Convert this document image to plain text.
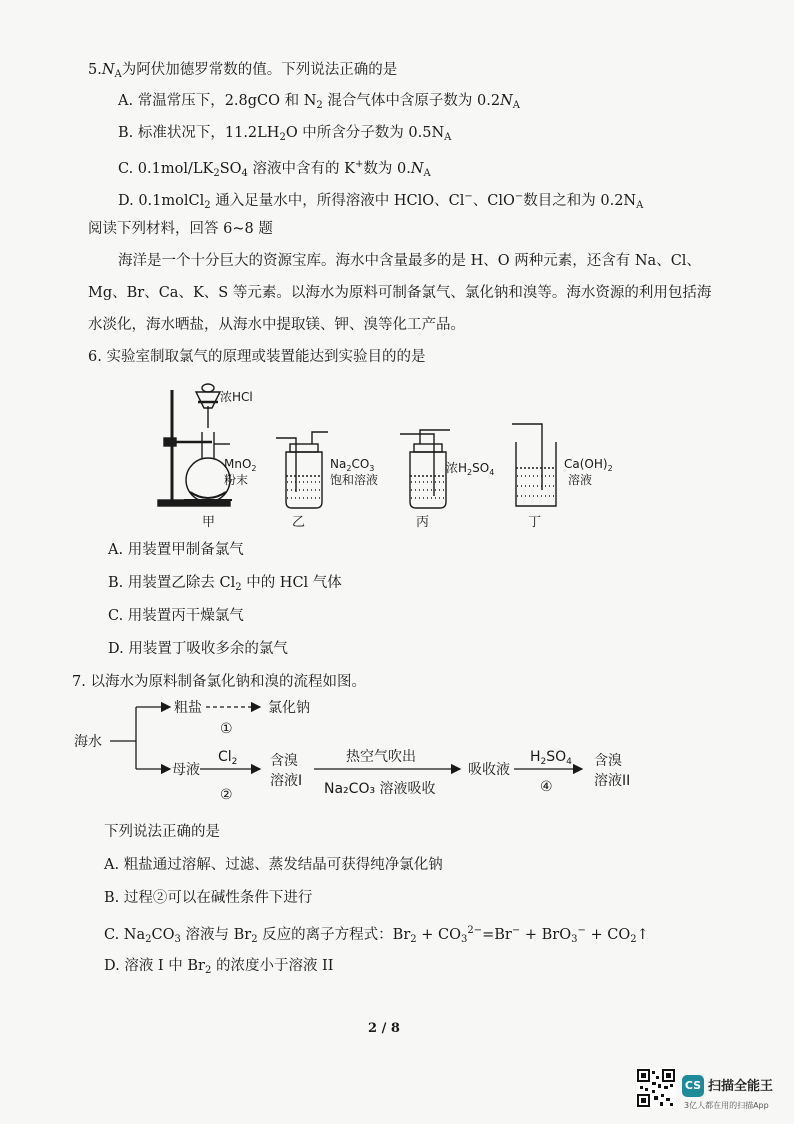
$5.N_A$为阿伏加德罗常数的值。下列说法正确的是
A. 常温常压下，2.8gCO 和 $N_2$ 混合气体中含原子数为 $0.2N_A$
B. 标准状况下，$11.2LH_2O$ 中所含分子数为 $0.5N_A$
C. $0.1mol/LK_2SO_4$ 溶液中含有的 K+数为 $0.N_A$
D. 0.1molCl$_2$ 通入足量水中，所得溶液中 HClO、Cl−、ClO−数目之和为 $0.2N_A$
阅读下列材料，回答 6~8 题
海洋是一个十分巨大的资源宝库。海水中含量最多的是 H、O 两种元素，还含有 Na、Cl、
Mg、Br、Ca、K、S 等元素。以海水为原料可制备氯气、氯化钠和溴等。海水资源的利用包括海
水淡化，海水晒盐，从海水中提取镁、钾、溴等化工产品。
6. 实验室制取氯气的原理或装置能达到实验目的的是
浓HCl
MnO$_2$
粉末
$Na_2CO_3$
饱和溶液
浓$H_2SO_4$
$Ca(OH)_2$
溶液
甲	乙	丙	丁
A. 用装置甲制备氯气
B. 用装置乙除去 $Cl_2$ 中的 HCl 气体
C. 用装置丙干燥氯气
D. 用装置丁吸收多余的氯气
7. 以海水为原料制备氯化钠和溴的流程如图。
海水
粗盐
①
氯化钠
母液
$Cl_2$
②
含溴
溶液I
热空气吹出
Na₂CO₃ 溶液吸收
吸收液
$H_2SO_4$
④
含溴
溶液II
下列说法正确的是
A. 粗盐通过溶解、过滤、蒸发结晶可获得纯净氯化钠
B. 过程②可以在碱性条件下进行
C. $Na_2CO_3$ 溶液与 $Br_2$ 反应的离子方程式：$Br_2 + CO_3^{2-}=Br^- + BrO_3^-$ + $CO_2↑$
D. 溶液 I 中 $Br_2$ 的浓度小于溶液 II
2 / 8
CS 扫描全能王
3亿人都在用的扫描App
